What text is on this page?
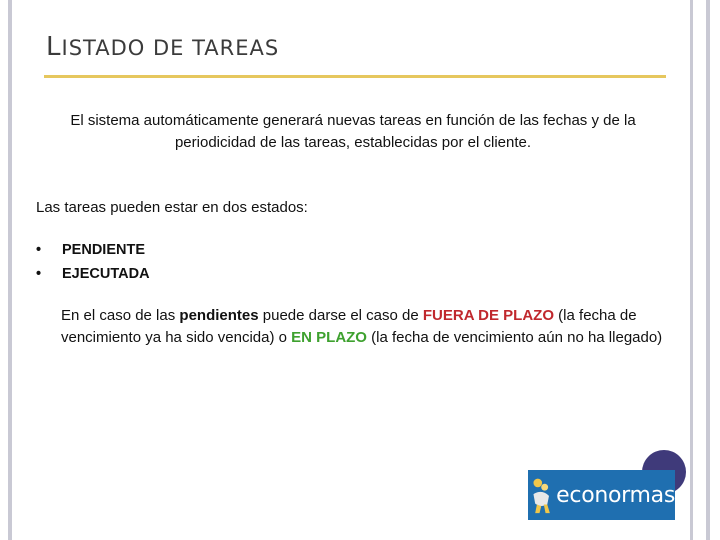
LISTADO DE TAREAS
El sistema automáticamente generará nuevas tareas en función de las fechas y de la periodicidad de las tareas, establecidas por el cliente.
Las tareas pueden estar en dos estados:
• PENDIENTE
• EJECUTADA
En el caso de las pendientes puede darse el caso de FUERA DE PLAZO (la fecha de vencimiento ya ha sido vencida) o EN PLAZO (la fecha de vencimiento aún no ha llegado)
econormas
